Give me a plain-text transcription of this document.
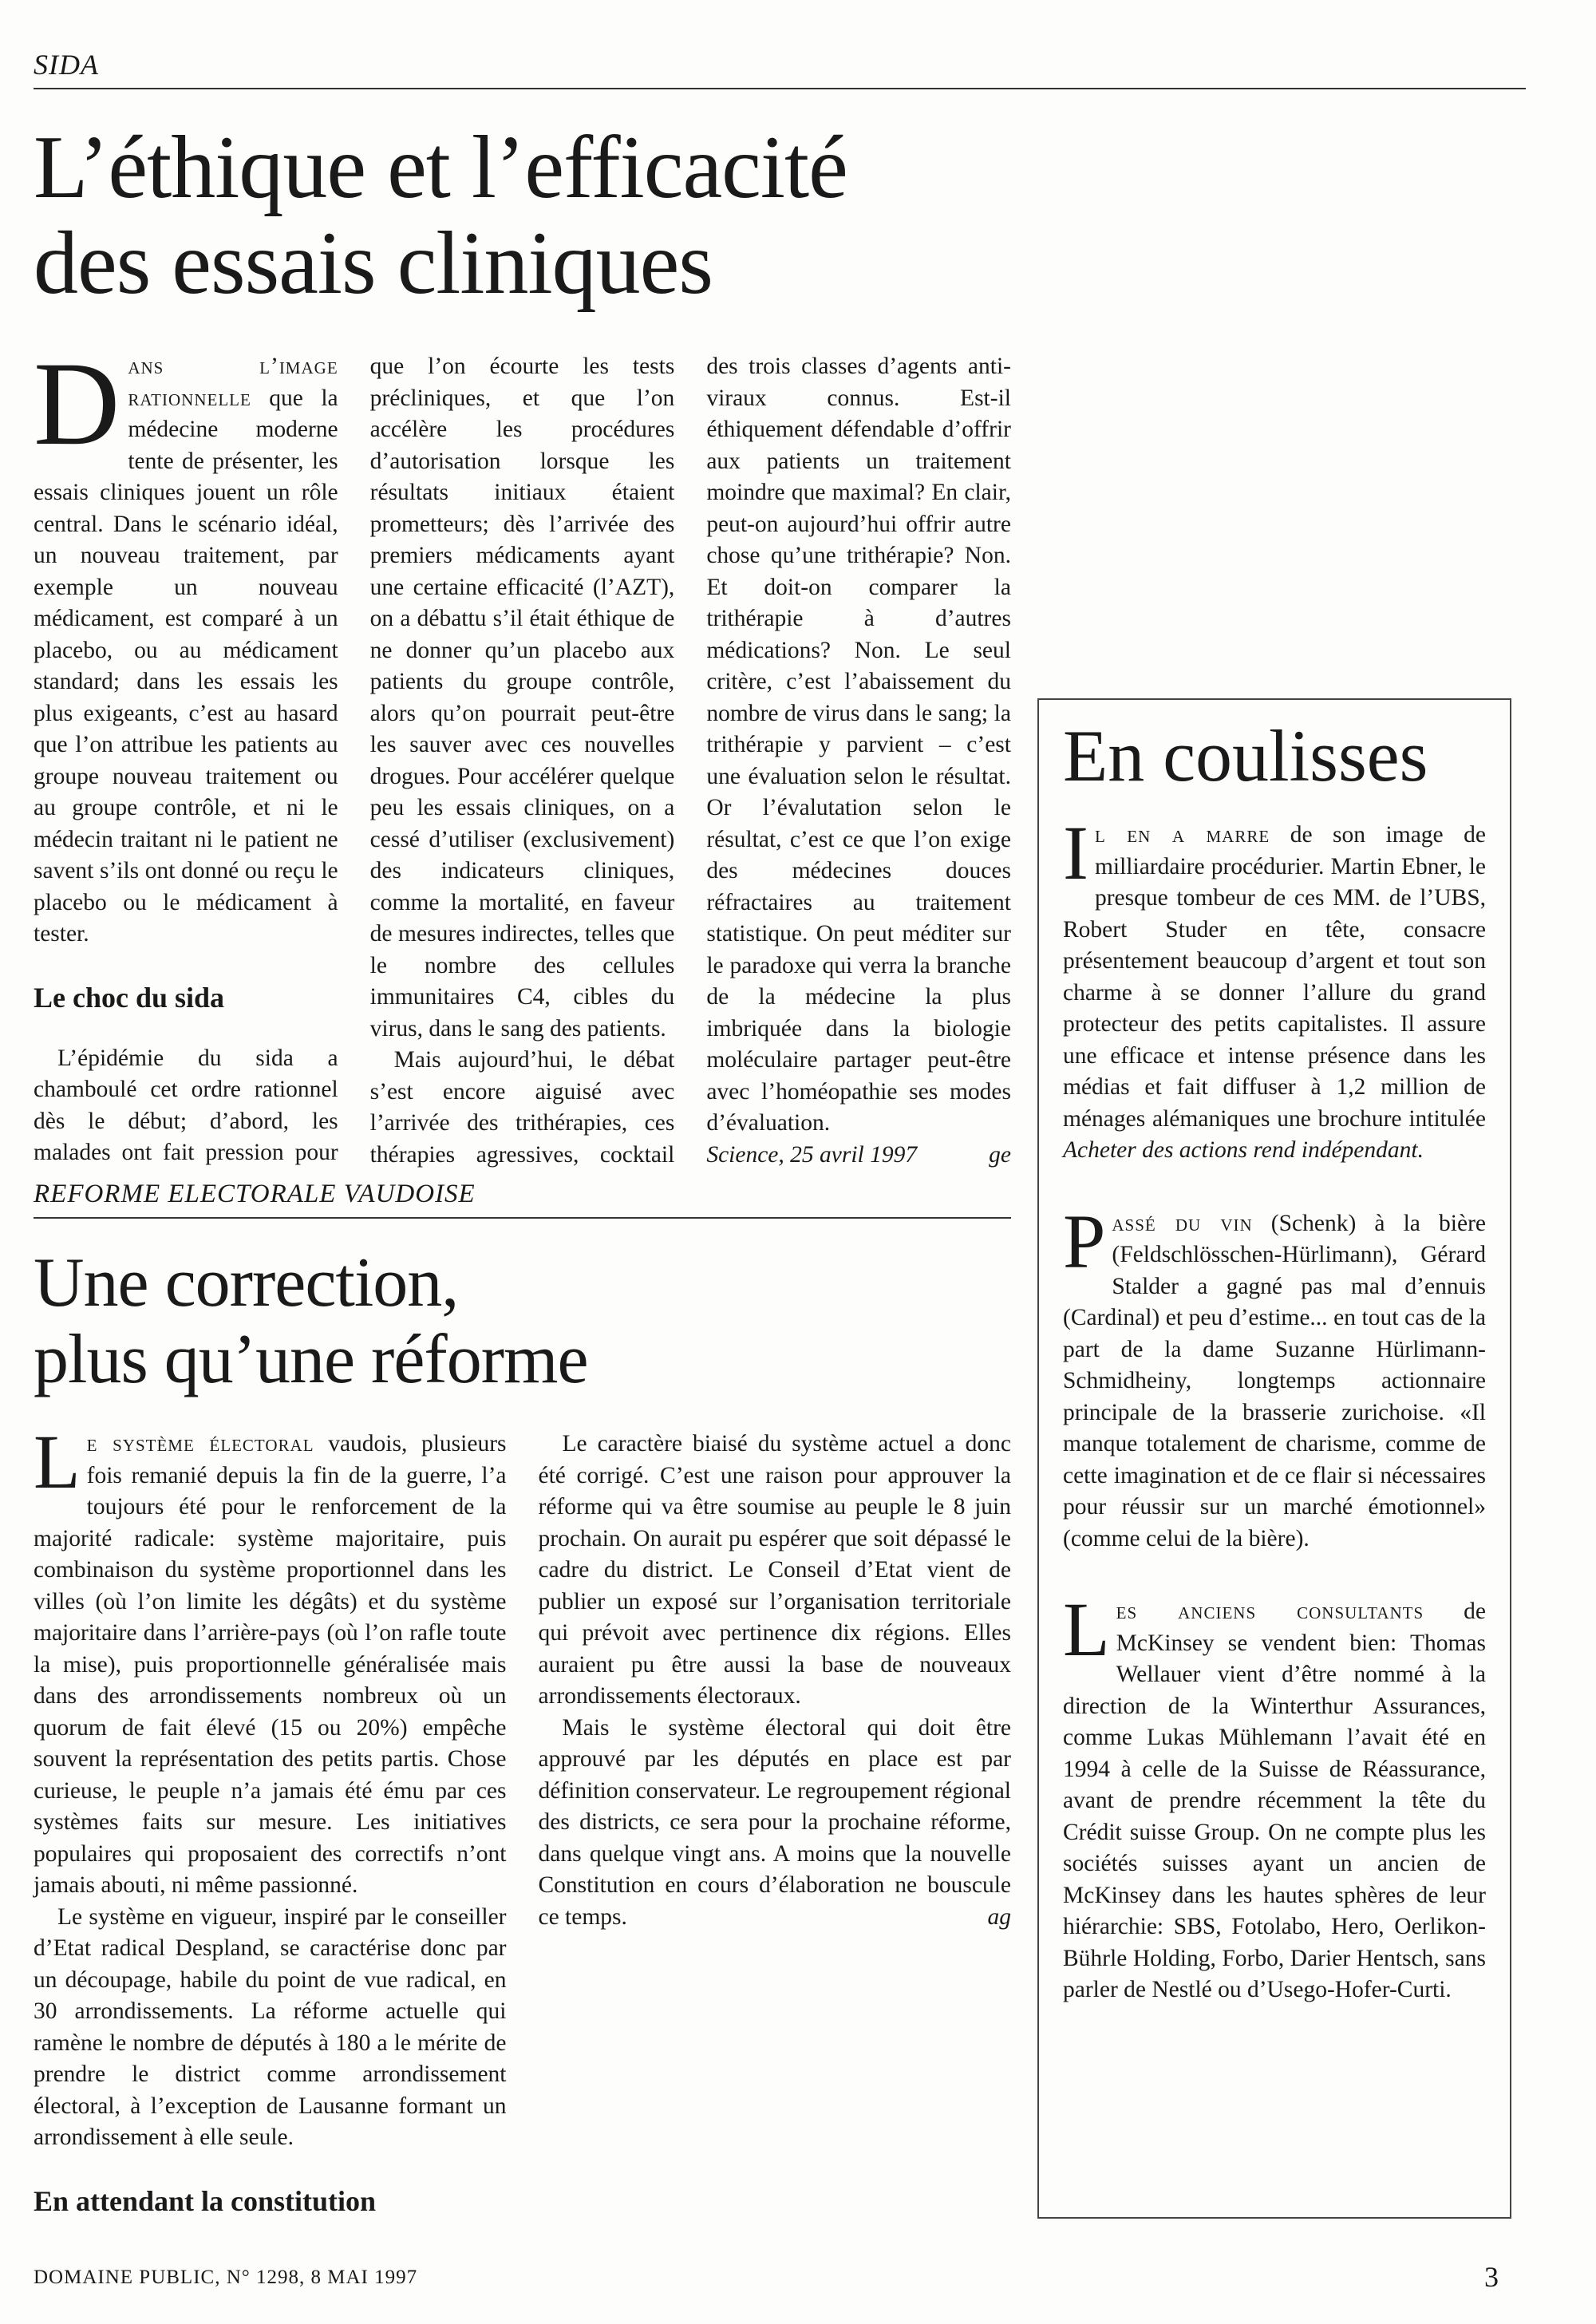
SIDA
L’éthique et l’efficacité
des essais cliniques

Dans l’image rationnelle que la médecine moderne tente de présenter, les essais cliniques jouent un rôle central. Dans le scénario idéal, un nouveau traitement, par exemple un nouveau médicament, est comparé à un placebo, ou au médicament standard; dans les essais les plus exigeants, c’est au hasard que l’on attribue les patients au groupe nouveau traitement ou au groupe contrôle, et ni le médecin traitant ni le patient ne savent s’ils ont donné ou reçu le placebo ou le médicament à tester.

Le choc du sida

L’épidémie du sida a chamboulé cet ordre rationnel dès le début; d’abord, les malades ont fait pression pour que l’on écourte les tests précliniques, et que l’on accélère les procédures d’autorisation lorsque les résultats initiaux étaient prometteurs; dès l’arrivée des premiers médicaments ayant une certaine efficacité (l’AZT), on a débattu s’il était éthique de ne donner qu’un placebo aux patients du groupe contrôle, alors qu’on pourrait peut-être les sauver avec ces nouvelles drogues. Pour accélérer quelque peu les essais cliniques, on a cessé d’utiliser (exclusivement) des indicateurs cliniques, comme la mortalité, en faveur de mesures indirectes, telles que le nombre des cellules immunitaires C4, cibles du virus, dans le sang des patients.

Mais aujourd’hui, le débat s’est encore aiguisé avec l’arrivée des trithérapies, ces thérapies agressives, cocktail des trois classes d’agents anti-viraux connus. Est-il éthiquement défendable d’offrir aux patients un traitement moindre que maximal? En clair, peut-on aujourd’hui offrir autre chose qu’une trithérapie? Non. Et doit-on comparer la trithérapie à d’autres médications? Non. Le seul critère, c’est l’abaissement du nombre de virus dans le sang; la trithérapie y parvient – c’est une évaluation selon le résultat. Or l’évalutation selon le résultat, c’est ce que l’on exige des médecines douces réfractaires au traitement statistique. On peut méditer sur le paradoxe qui verra la branche de la médecine la plus imbriquée dans la biologie moléculaire partager peut-être avec l’homéopathie ses modes d’évaluation.

ge

Science, 25 avril 1997

REFORME ELECTORALE VAUDOISE
Une correction,
plus qu’une réforme

Le système électoral vaudois, plusieurs fois remanié depuis la fin de la guerre, l’a toujours été pour le renforcement de la majorité radicale: système majoritaire, puis combinaison du système proportionnel dans les villes (où l’on limite les dégâts) et du système majoritaire dans l’arrière-pays (où l’on rafle toute la mise), puis proportionnelle généralisée mais dans des arrondissements nombreux où un quorum de fait élevé (15 ou 20%) empêche souvent la représentation des petits partis. Chose curieuse, le peuple n’a jamais été ému par ces systèmes faits sur mesure. Les initiatives populaires qui proposaient des correctifs n’ont jamais abouti, ni même passionné.

Le système en vigueur, inspiré par le conseiller d’Etat radical Despland, se caractérise donc par un découpage, habile du point de vue radical, en 30 arrondissements. La réforme actuelle qui ramène le nombre de députés à 180 a le mérite de prendre le district comme arrondissement électoral, à l’exception de Lausanne formant un arrondissement à elle seule.

En attendant la constitution

Le caractère biaisé du système actuel a donc été corrigé. C’est une raison pour approuver la réforme qui va être soumise au peuple le 8 juin prochain. On aurait pu espérer que soit dépassé le cadre du district. Le Conseil d’Etat vient de publier un exposé sur l’organisation territoriale qui prévoit avec pertinence dix régions. Elles auraient pu être aussi la base de nouveaux arrondissements électoraux.

Mais le système électoral qui doit être approuvé par les députés en place est par définition conservateur. Le regroupement régional des districts, ce sera pour la prochaine réforme, dans quelque vingt ans. A moins que la nouvelle Constitution en cours d’élaboration ne bouscule ce temps.	ag

En coulisses

Il en a marre de son image de milliardaire procédurier. Martin Ebner, le presque tombeur de ces MM. de l’UBS, Robert Studer en tête, consacre présentement beaucoup d’argent et tout son charme à se donner l’allure du grand protecteur des petits capitalistes. Il assure une efficace et intense présence dans les médias et fait diffuser à 1,2 million de ménages alémaniques une brochure intitulée Acheter des actions rend indépendant.

Passé du vin (Schenk) à la bière (Feldschlösschen-Hürlimann), Gérard Stalder a gagné pas mal d’ennuis (Cardinal) et peu d’estime... en tout cas de la part de la dame Suzanne Hürlimann-Schmidheiny, longtemps actionnaire principale de la brasserie zurichoise. «Il manque totalement de charisme, comme de cette imagination et de ce flair si nécessaires pour réussir sur un marché émotionnel» (comme celui de la bière).

Les anciens consultants de McKinsey se vendent bien: Thomas Wellauer vient d’être nommé à la direction de la Winterthur Assurances, comme Lukas Mühlemann l’avait été en 1994 à celle de la Suisse de Réassurance, avant de prendre récemment la tête du Crédit suisse Group. On ne compte plus les sociétés suisses ayant un ancien de McKinsey dans les hautes sphères de leur hiérarchie: SBS, Fotolabo, Hero, Oerlikon-Bührle Holding, Forbo, Darier Hentsch, sans parler de Nestlé ou d’Usego-Hofer-Curti.

DOMAINE PUBLIC, N° 1298, 8 MAI 1997	3
